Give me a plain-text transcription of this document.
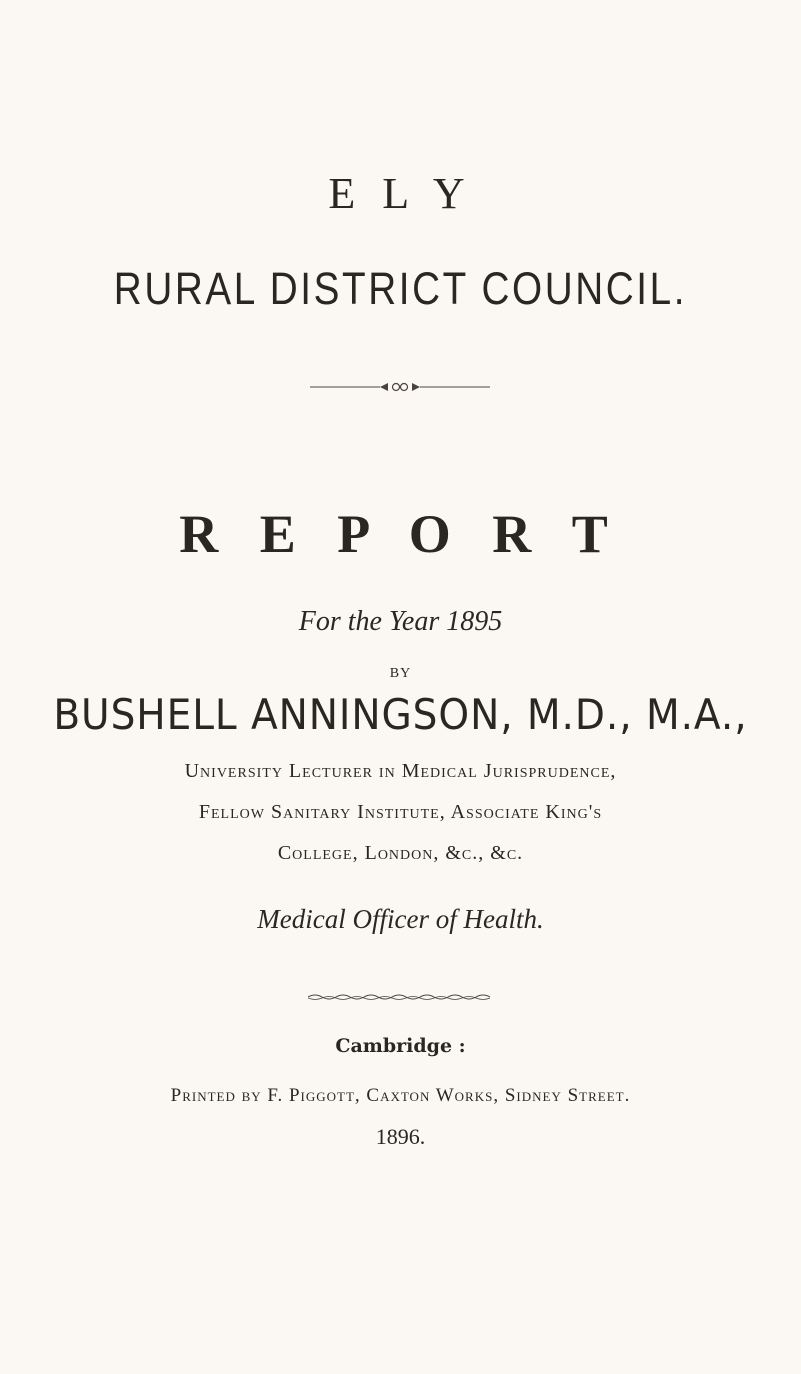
E L Y
RURAL DISTRICT COUNCIL.
R E P O R T
For the Year 1895
BY
BUSHELL ANNINGSON, M.D., M.A.,
University Lecturer in Medical Jurisprudence,
Fellow Sanitary Institute, Associate King's
College, London, &c., &c.
Medical Officer of Health.
Cambridge :
Printed by F. Piggott, Caxton Works, Sidney Street.
1896.
